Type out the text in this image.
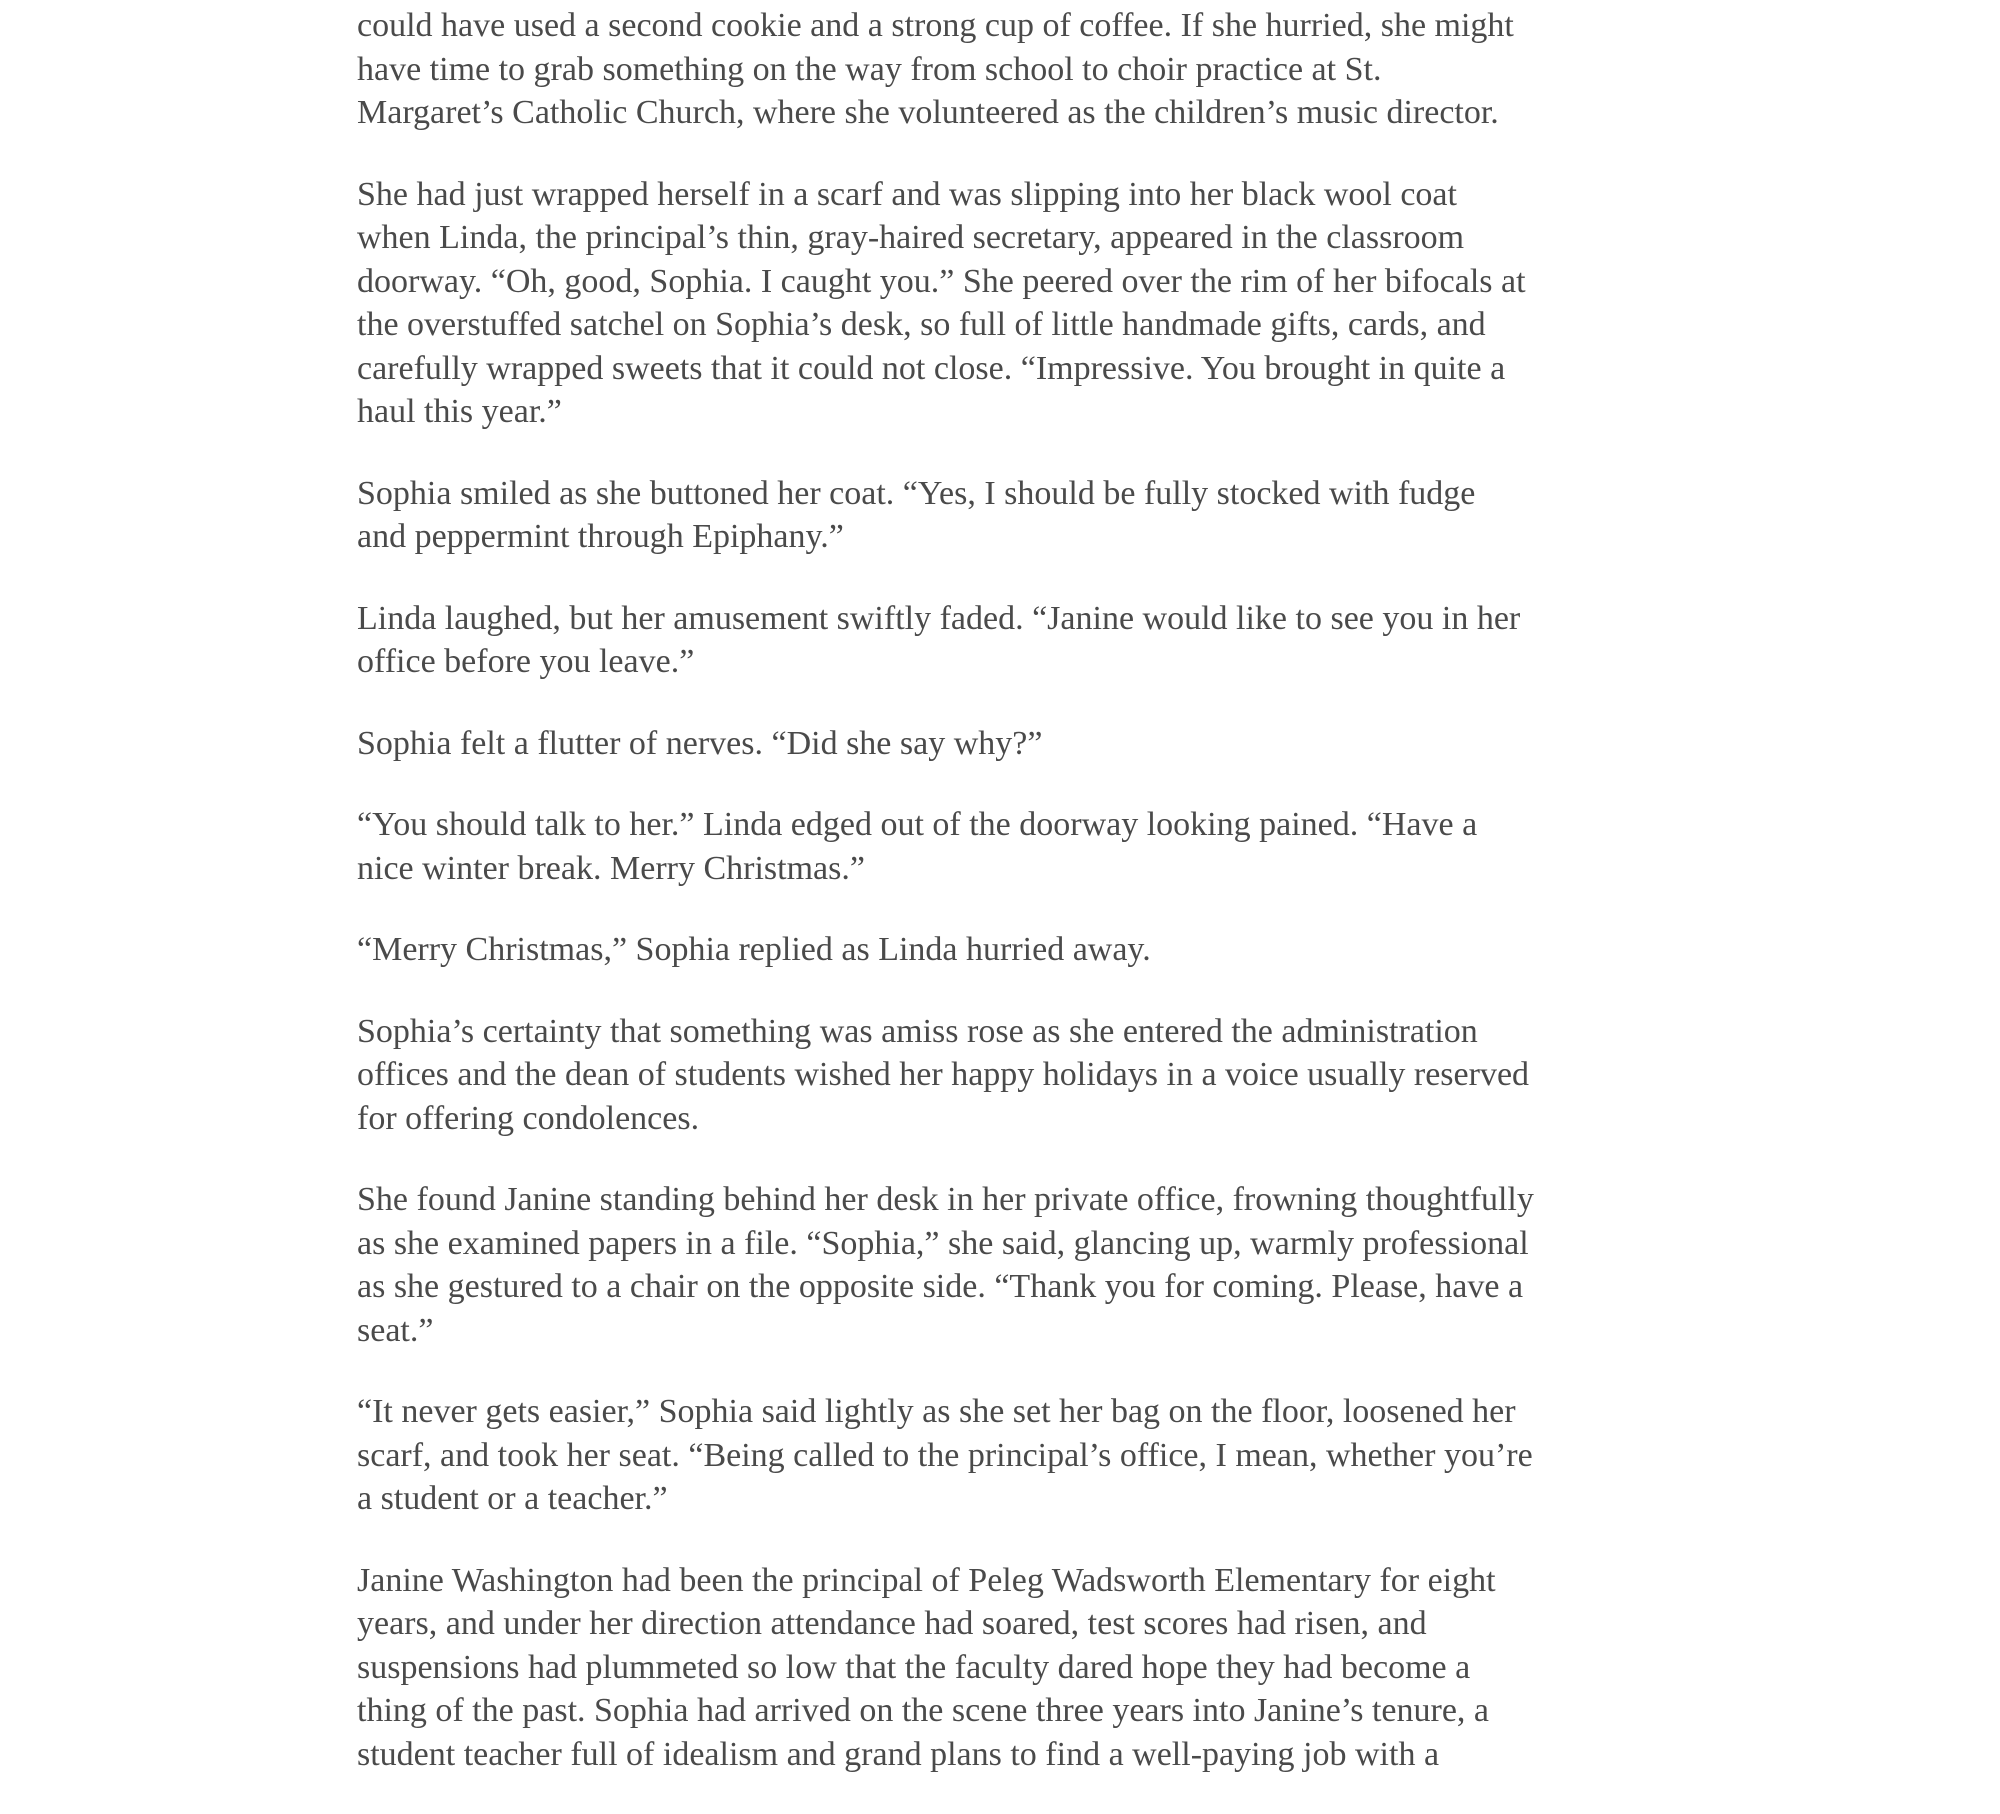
could have used a second cookie and a strong cup of coffee. If she hurried, she might
have time to grab something on the way from school to choir practice at St.
Margaret’s Catholic Church, where she volunteered as the children’s music director.
She had just wrapped herself in a scarf and was slipping into her black wool coat
when Linda, the principal’s thin, gray-haired secretary, appeared in the classroom
doorway. “Oh, good, Sophia. I caught you.” She peered over the rim of her bifocals at
the overstuffed satchel on Sophia’s desk, so full of little handmade gifts, cards, and
carefully wrapped sweets that it could not close. “Impressive. You brought in quite a
haul this year.”
Sophia smiled as she buttoned her coat. “Yes, I should be fully stocked with fudge
and peppermint through Epiphany.”
Linda laughed, but her amusement swiftly faded. “Janine would like to see you in her
office before you leave.”
Sophia felt a flutter of nerves. “Did she say why?”
“You should talk to her.” Linda edged out of the doorway looking pained. “Have a
nice winter break. Merry Christmas.”
“Merry Christmas,” Sophia replied as Linda hurried away.
Sophia’s certainty that something was amiss rose as she entered the administration
offices and the dean of students wished her happy holidays in a voice usually reserved
for offering condolences.
She found Janine standing behind her desk in her private office, frowning thoughtfully
as she examined papers in a file. “Sophia,” she said, glancing up, warmly professional
as she gestured to a chair on the opposite side. “Thank you for coming. Please, have a
seat.”
“It never gets easier,” Sophia said lightly as she set her bag on the floor, loosened her
scarf, and took her seat. “Being called to the principal’s office, I mean, whether you’re
a student or a teacher.”
Janine Washington had been the principal of Peleg Wadsworth Elementary for eight
years, and under her direction attendance had soared, test scores had risen, and
suspensions had plummeted so low that the faculty dared hope they had become a
thing of the past. Sophia had arrived on the scene three years into Janine’s tenure, a
student teacher full of idealism and grand plans to find a well-paying job with a
